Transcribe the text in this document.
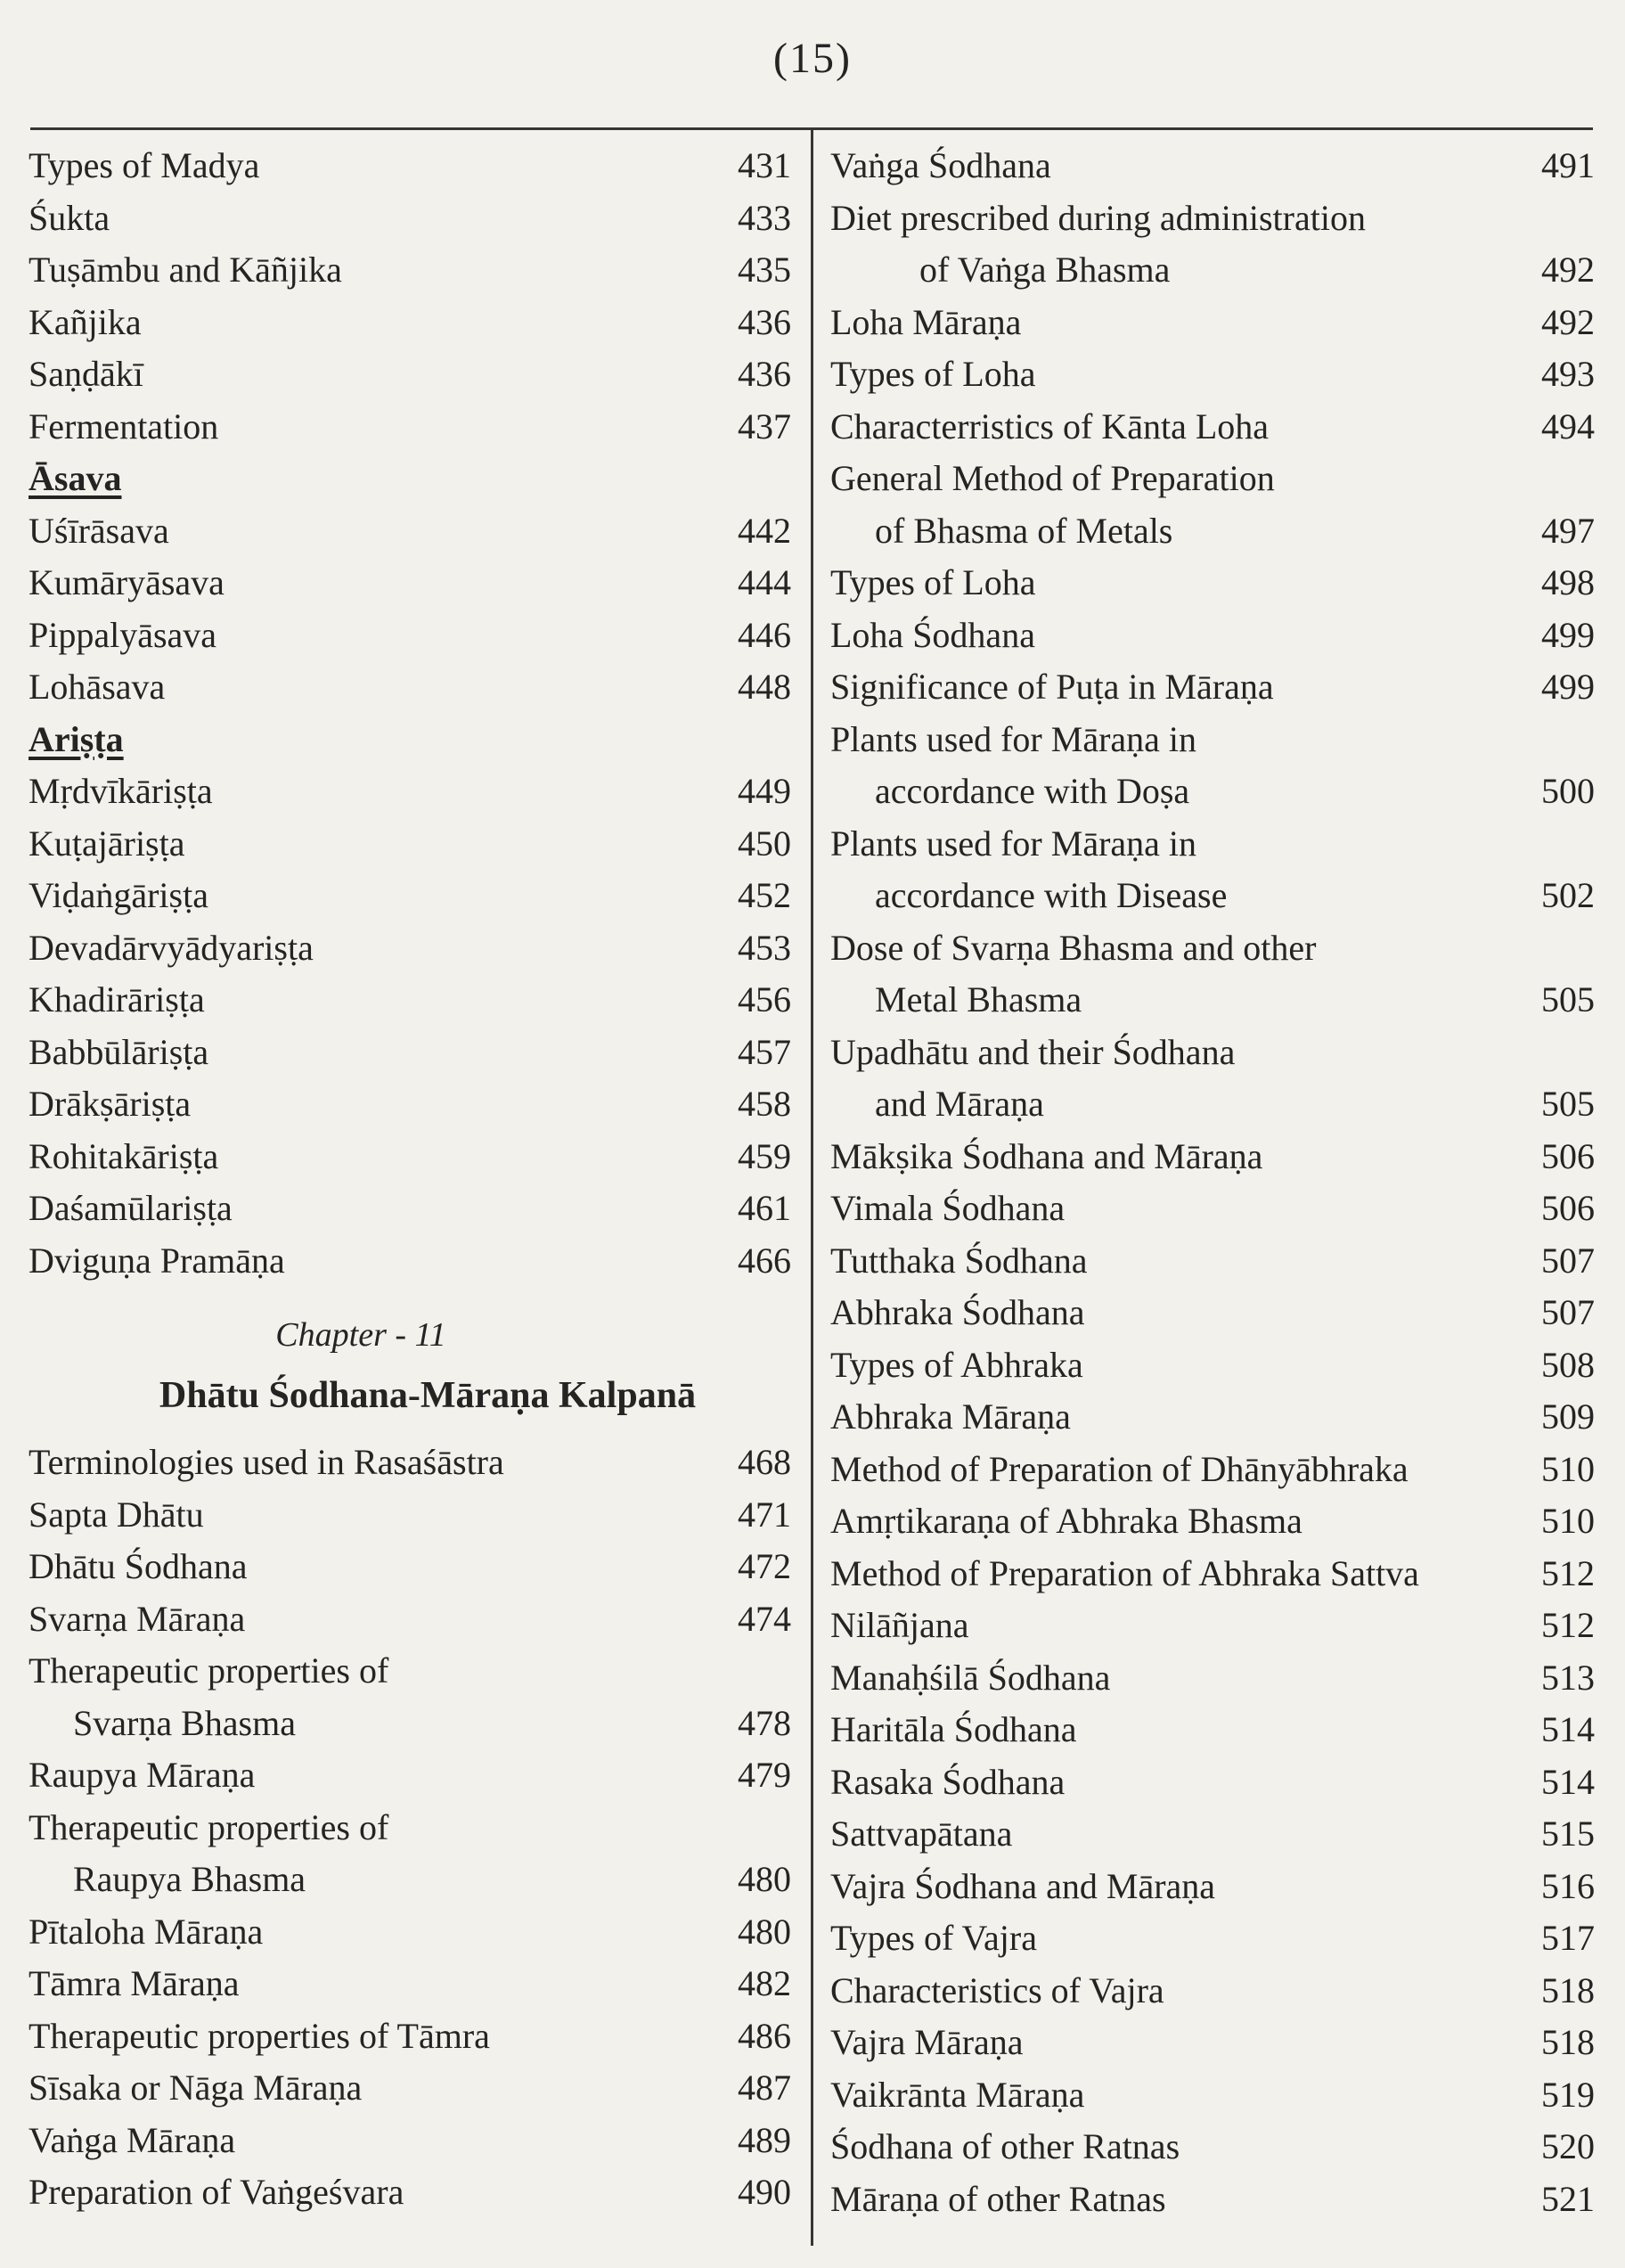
(15)
Types of Madya	431
Śukta	433
Tuṣāmbu and Kāñjika	435
Kañjika	436
Saṇḍākī	436
Fermentation	437
Āsava
Uśīrāsava	442
Kumāryāsava	444
Pippalyāsava	446
Lohāsava	448
Ariṣṭa
Mṛdvīkāriṣṭa	449
Kuṭajāriṣṭa	450
Viḍaṅgāriṣṭa	452
Devadārvyādyariṣṭa	453
Khadirāriṣṭa	456
Babbūlāriṣṭa	457
Drākṣāriṣṭa	458
Rohitakāriṣṭa	459
Daśamūlariṣṭa	461
Dviguṇa Pramāṇa	466
Chapter - 11
Dhātu Śodhana-Māraṇa Kalpanā
Terminologies used in Rasaśāstra	468
Sapta Dhātu	471
Dhātu Śodhana	472
Svarṇa Māraṇa	474
Therapeutic properties of
Svarṇa Bhasma	478
Raupya Māraṇa	479
Therapeutic properties of
Raupya Bhasma	480
Pītaloha Māraṇa	480
Tāmra Māraṇa	482
Therapeutic properties of Tāmra	486
Sīsaka or Nāga Māraṇa	487
Vaṅga Māraṇa	489
Preparation of Vaṅgeśvara	490
Vaṅga Śodhana	491
Diet prescribed during administration
of Vaṅga Bhasma	492
Loha Māraṇa	492
Types of Loha	493
Characterristics of Kānta Loha	494
General Method of Preparation
of Bhasma of Metals	497
Types of Loha	498
Loha Śodhana	499
Significance of Puṭa in Māraṇa	499
Plants used for Māraṇa in
accordance with Doṣa	500
Plants used for Māraṇa in
accordance with Disease	502
Dose of Svarṇa Bhasma and other
Metal Bhasma	505
Upadhātu and their Śodhana
and Māraṇa	505
Mākṣika Śodhana and Māraṇa	506
Vimala Śodhana	506
Tutthaka Śodhana	507
Abhraka Śodhana	507
Types of Abhraka	508
Abhraka Māraṇa	509
Method of Preparation of Dhānyābhraka	510
Amṛtikaraṇa of Abhraka Bhasma	510
Method of Preparation of Abhraka Sattva	512
Nilāñjana	512
Manaḥśilā Śodhana	513
Haritāla Śodhana	514
Rasaka Śodhana	514
Sattvapātana	515
Vajra Śodhana and Māraṇa	516
Types of Vajra	517
Characteristics of Vajra	518
Vajra Māraṇa	518
Vaikrānta Māraṇa	519
Śodhana of other Ratnas	520
Māraṇa of other Ratnas	521
